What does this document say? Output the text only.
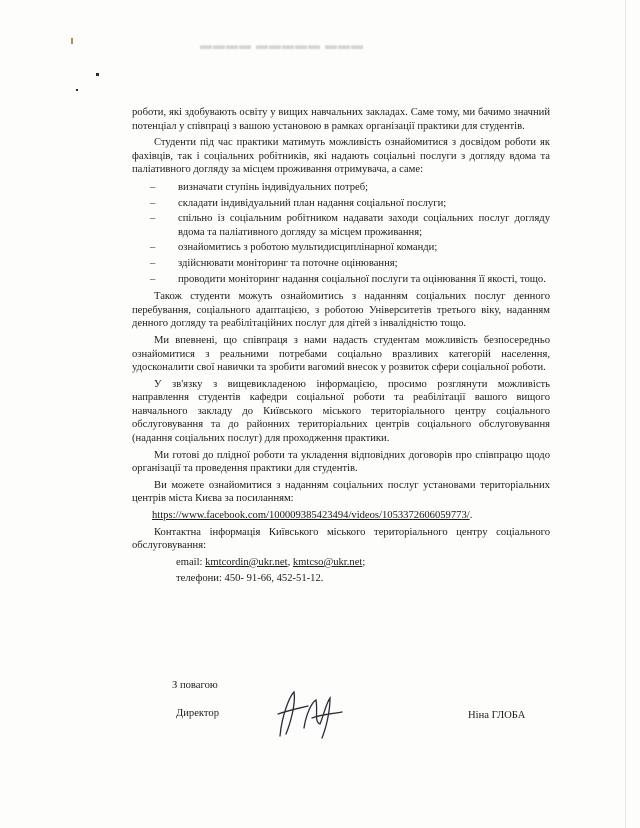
▬▬▬▬ ▬▬▬▬▬ ▬▬▬

роботи, які здобувають освіту у вищих навчальних закладах. Саме тому, ми бачимо значний потенціал у співпраці з вашою установою в рамках організації практики для студентів.

Студенти під час практики матимуть можливість ознайомитися з досвідом роботи як фахівців, так і соціальних робітників, які надають соціальні послуги з догляду вдома та паліативного догляду за місцем проживання отримувача, а саме:

– визначати ступінь індивідуальних потреб;
– складати індивідуальний план надання соціальної послуги;
– спільно із соціальним робітником надавати заходи соціальних послуг догляду вдома та паліативного догляду за місцем проживання;
– ознайомитись з роботою мультидисциплінарної команди;
– здійснювати моніторинг та поточне оцінювання;
– проводити моніторинг надання соціальної послуги та оцінювання її якості, тощо.

Також студенти можуть ознайомитись з наданням соціальних послуг денного перебування, соціального адаптацією, з роботою Університетів третього віку, наданням денного догляду та реабілітаційних послуг для дітей з інвалідністю тощо.

Ми впевнені, що співпраця з нами надасть студентам можливість безпосередньо ознайомитися з реальними потребами соціально вразливих категорій населення, удосконалити свої навички та зробити вагомий внесок у розвиток сфери соціальної роботи.

У зв'язку з вищевикладеною інформацією, просимо розглянути можливість направлення студентів кафедри соціальної роботи та реабілітації вашого вищого навчального закладу до Київського міського територіального центру соціального обслуговування та до районних територіальних центрів соціального обслуговування (надання соціальних послуг) для проходження практики.

Ми готові до плідної роботи та укладення відповідних договорів про співпрацю щодо організації та проведення практики для студентів.

Ви можете ознайомитися з наданням соціальних послуг установами територіальних центрів міста Києва за посиланням:

https://www.facebook.com/100009385423494/videos/1053372606059773/.

Контактна інформація Київського міського територіального центру соціального обслуговування:

email: kmtcordin@ukr.net, kmtcso@ukr.net;

телефони: 450- 91-66, 452-51-12.

З повагою
Директор	Ніна ГЛОБА
